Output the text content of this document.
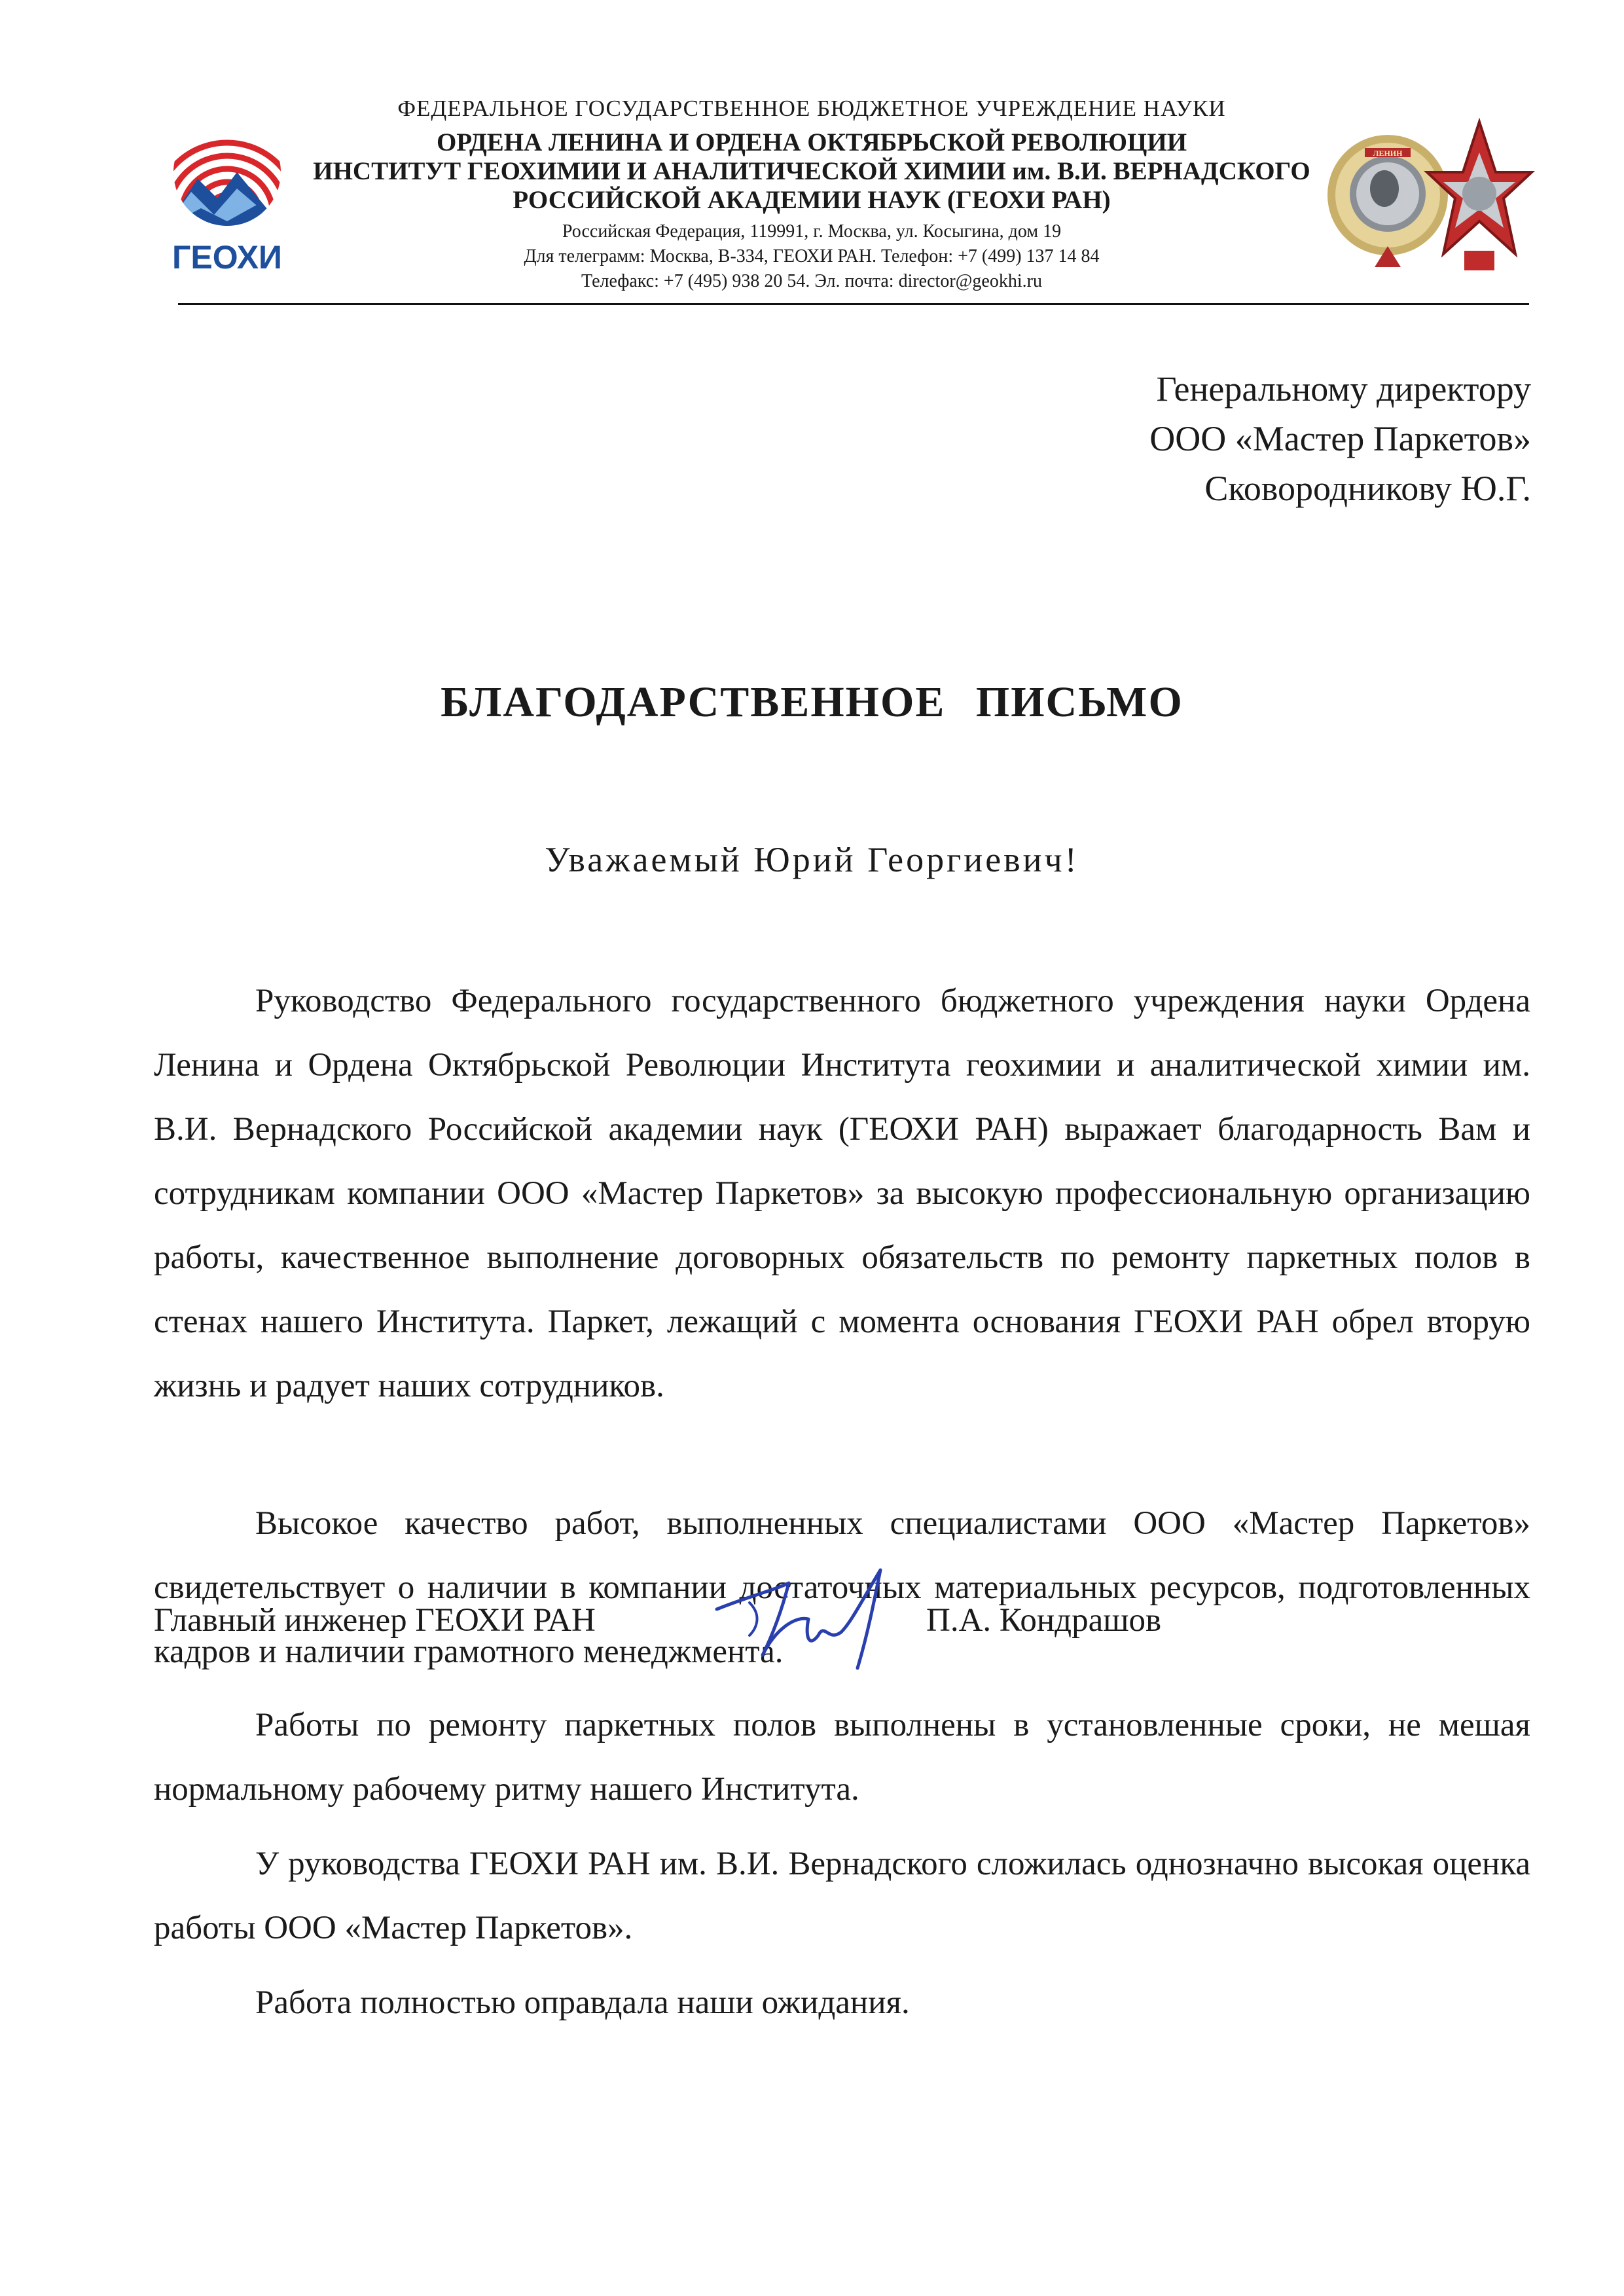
ГЕОХИ
ФЕДЕРАЛЬНОЕ ГОСУДАРСТВЕННОЕ БЮДЖЕТНОЕ УЧРЕЖДЕНИЕ НАУКИ
ОРДЕНА ЛЕНИНА И ОРДЕНА ОКТЯБРЬСКОЙ РЕВОЛЮЦИИ
ИНСТИТУТ ГЕОХИМИИ И АНАЛИТИЧЕСКОЙ ХИМИИ им. В.И. ВЕРНАДСКОГО
РОССИЙСКОЙ АКАДЕМИИ НАУК (ГЕОХИ РАН)
Российская Федерация, 119991, г. Москва, ул. Косыгина, дом 19
Для телеграмм: Москва, В-334, ГЕОХИ РАН. Телефон: +7 (499) 137 14 84
Телефакс: +7 (495) 938 20 54. Эл. почта: director@geokhi.ru
ЛЕНИН
Генеральному директору
ООО «Мастер Паркетов»
Сковородникову Ю.Г.
БЛАГОДАРСТВЕННОЕ ПИСЬМО
Уважаемый Юрий Георгиевич!
Руководство Федерального государственного бюджетного учреждения науки Ордена Ленина и Ордена Октябрьской Революции Института геохимии и аналитической химии им. В.И. Вернадского Российской академии наук (ГЕОХИ РАН) выражает благодарность Вам и сотрудникам компании ООО «Мастер Паркетов» за высокую профессиональную организацию работы, качественное выполнение договорных обязательств по ремонту паркетных полов в стенах нашего Института. Паркет, лежащий с момента основания ГЕОХИ РАН обрел вторую жизнь и радует наших сотрудников.
Высокое качество работ, выполненных специалистами ООО «Мастер Паркетов» свидетельствует о наличии в компании достаточных материальных ресурсов, подготовленных кадров и наличии грамотного менеджмента.
Работы по ремонту паркетных полов выполнены в установленные сроки, не мешая нормальному рабочему ритму нашего Института.
У руководства ГЕОХИ РАН им. В.И. Вернадского сложилась однозначно высокая оценка работы ООО «Мастер Паркетов».
Работа полностью оправдала наши ожидания.
Главный инженер ГЕОХИ РАН	П.А. Кондрашов
